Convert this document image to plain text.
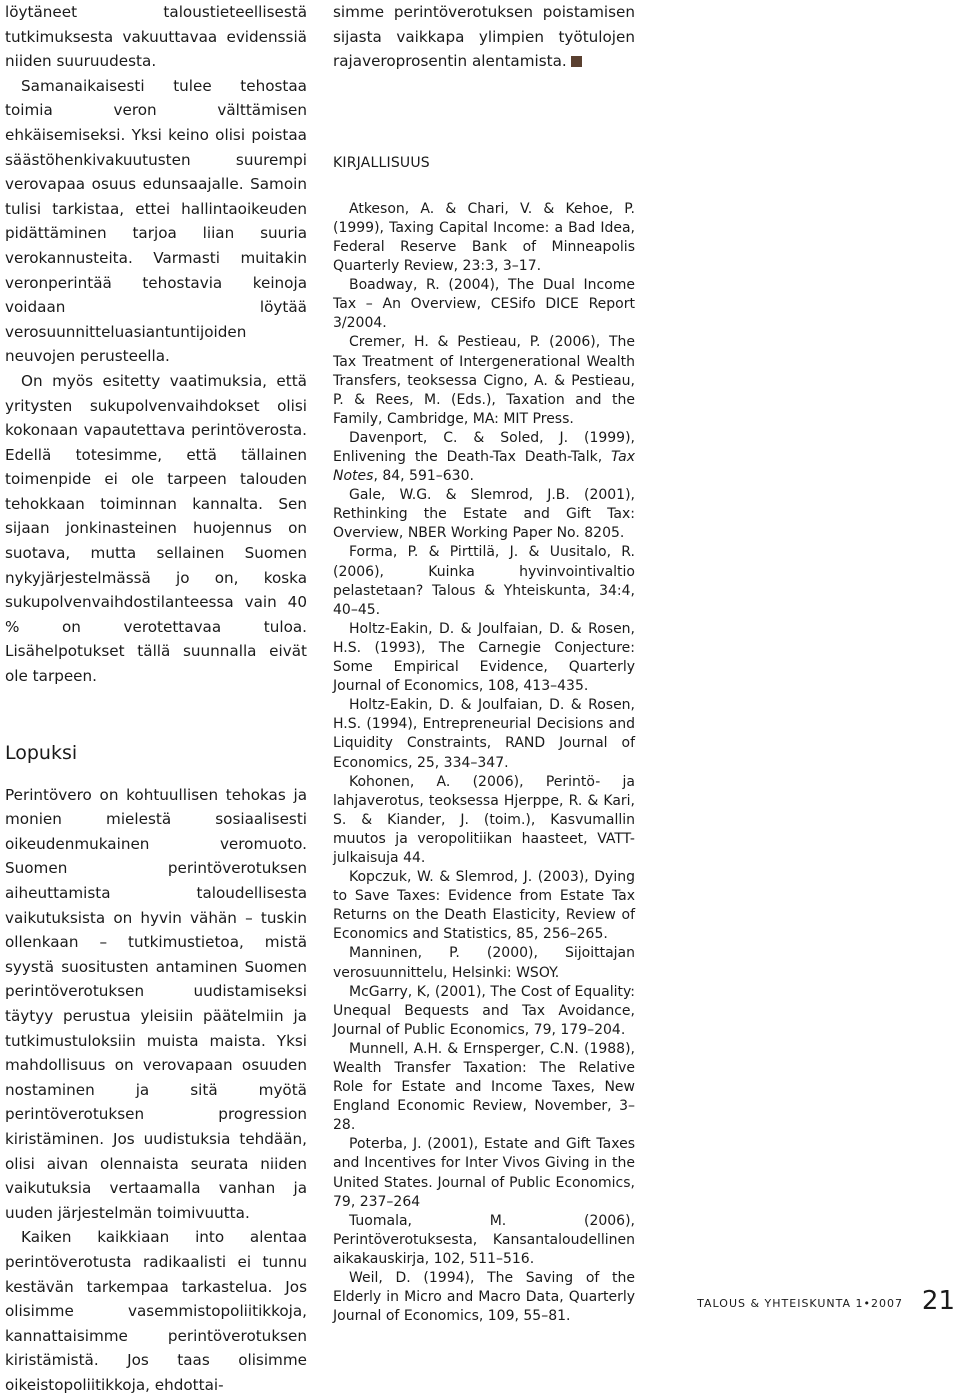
löytäneet taloustieteellisestä tutkimuksesta vakuuttavaa evidenssiä niiden suuruudesta.

Samanaikaisesti tulee tehostaa toimia veron välttämisen ehkäisemiseksi. Yksi keino olisi poistaa säästöhenkivakuutusten suurempi verovapaa osuus edunsaajalle. Samoin tulisi tarkistaa, ettei hallintaoikeuden pidättäminen tarjoa liian suuria verokannusteita. Varmasti muitakin veronperintää tehostavia keinoja voidaan löytää verosuunnitteluasiantuntijoiden neuvojen perusteella.

On myös esitetty vaatimuksia, että yritysten sukupolvenvaihdokset olisi kokonaan vapautettava perintöverosta. Edellä totesimme, että tällainen toimenpide ei ole tarpeen talouden tehokkaan toiminnan kannalta. Sen sijaan jonkinasteinen huojennus on suotava, mutta sellainen Suomen nykyjärjestelmässä jo on, koska sukupolvenvaihdostilanteessa vain 40 % on verotettavaa tuloa. Lisähelpotukset tällä suunnalla eivät ole tarpeen.

Lopuksi

Perintövero on kohtuullisen tehokas ja monien mielestä sosiaalisesti oikeudenmukainen veromuoto. Suomen perintöverotuksen aiheuttamista taloudellisesta vaikutuksista on hyvin vähän – tuskin ollenkaan – tutkimustietoa, mistä syystä suositusten antaminen Suomen perintöverotuksen uudistamiseksi täytyy perustua yleisiin päätelmiin ja tutkimustuloksiin muista maista. Yksi mahdollisuus on verovapaan osuuden nostaminen ja sitä myötä perintöverotuksen progression kiristäminen. Jos uudistuksia tehdään, olisi aivan olennaista seurata niiden vaikutuksia vertaamalla vanhan ja uuden järjestelmän toimivuutta.

Kaiken kaikkiaan into alentaa perintöverotusta radikaalisti ei tunnu kestävän tarkempaa tarkastelua. Jos olisimme vasemmistopoliitikkoja, kannattaisimme perintöverotuksen kiristämistä. Jos taas olisimme oikeistopoliitikkoja, ehdottai-

simme perintöverotuksen poistamisen sijasta vaikkapa ylimpien työtulojen rajaveroprosentin alentamista.

KIRJALLISUUS

Atkeson, A. & Chari, V. & Kehoe, P. (1999), Taxing Capital Income: a Bad Idea, Federal Reserve Bank of Minneapolis Quarterly Review, 23:3, 3–17.

Boadway, R. (2004), The Dual Income Tax – An Overview, CESifo DICE Report 3/2004.

Cremer, H. & Pestieau, P. (2006), The Tax Treatment of Intergenerational Wealth Transfers, teoksessa Cigno, A. & Pestieau, P. & Rees, M. (Eds.), Taxation and the Family, Cambridge, MA: MIT Press.

Davenport, C. & Soled, J. (1999), Enlivening the Death-Tax Death-Talk, Tax Notes, 84, 591–630.

Gale, W.G. & Slemrod, J.B. (2001), Rethinking the Estate and Gift Tax: Overview, NBER Working Paper No. 8205.

Forma, P. & Pirttilä, J. & Uusitalo, R. (2006), Kuinka hyvinvointivaltio pelastetaan? Talous & Yhteiskunta, 34:4, 40–45.

Holtz-Eakin, D. & Joulfaian, D. & Rosen, H.S. (1993), The Carnegie Conjecture: Some Empirical Evidence, Quarterly Journal of Economics, 108, 413–435.

Holtz-Eakin, D. & Joulfaian, D. & Rosen, H.S. (1994), Entrepreneurial Decisions and Liquidity Constraints, RAND Journal of Economics, 25, 334–347.

Kohonen, A. (2006), Perintö- ja lahjaverotus, teoksessa Hjerppe, R. & Kari, S. & Kiander, J. (toim.), Kasvumallin muutos ja veropolitiikan haasteet, VATT-julkaisuja 44.

Kopczuk, W. & Slemrod, J. (2003), Dying to Save Taxes: Evidence from Estate Tax Returns on the Death Elasticity, Review of Economics and Statistics, 85, 256–265.

Manninen, P. (2000), Sijoittajan verosuunnittelu, Helsinki: WSOY.

McGarry, K, (2001), The Cost of Equality: Unequal Bequests and Tax Avoidance, Journal of Public Economics, 79, 179–204.

Munnell, A.H. & Ernsperger, C.N. (1988), Wealth Transfer Taxation: The Relative Role for Estate and Income Taxes, New England Economic Review, November, 3–28.

Poterba, J. (2001), Estate and Gift Taxes and Incentives for Inter Vivos Giving in the United States. Journal of Public Economics, 79, 237–264

Tuomala, M. (2006), Perintöverotuksesta, Kansantaloudellinen aikakauskirja, 102, 511–516.

Weil, D. (1994), The Saving of the Elderly in Micro and Macro Data, Quarterly Journal of Economics, 109, 55–81.

TALOUS & YHTEISKUNTA 1•2007 21
